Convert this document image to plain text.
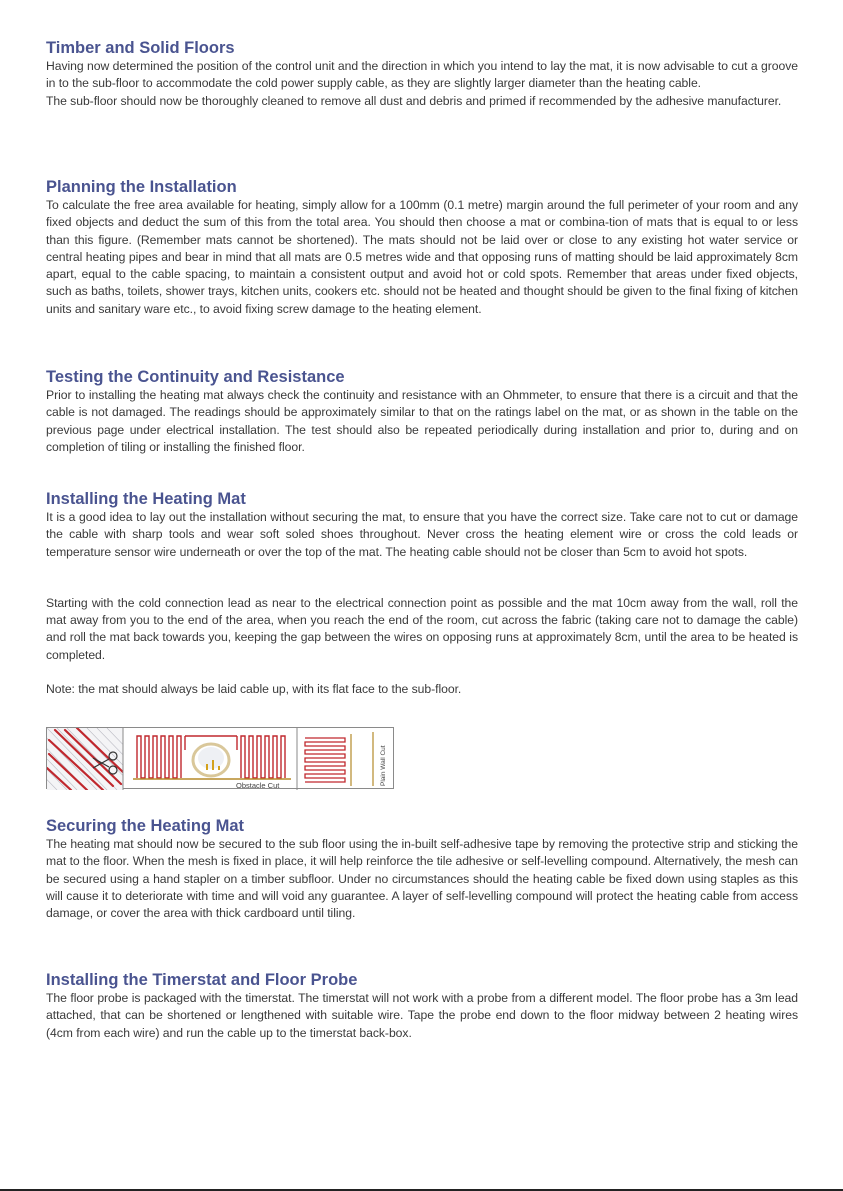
Timber and Solid Floors

Having now determined the position of the control unit and the direction in which you intend to lay the mat, it is now advisable to cut a groove in to the sub-floor to accommodate the cold power supply cable, as they are slightly larger diameter than the heating cable.

The sub-floor should now be thoroughly cleaned to remove all dust and debris and primed if recommended by the adhesive manufacturer.

Planning the Installation

To calculate the free area available for heating, simply allow for a 100mm (0.1 metre) margin around the full perimeter of your room and any fixed objects and deduct the sum of this from the total area. You should then choose a mat or combina-tion of mats that is equal to or less than this figure. (Remember mats cannot be shortened). The mats should not be laid over or close to any existing hot water service or central heating pipes and bear in mind that all mats are 0.5 metres wide and that opposing runs of matting should be laid approximately 8cm apart, equal to the cable spacing, to maintain a consistent output and avoid hot or cold spots. Remember that areas under fixed objects, such as baths, toilets, shower trays, kitchen units, cookers etc. should not be heated and thought should be given to the final fixing of kitchen units and sanitary ware etc., to avoid fixing screw damage to the heating element.

Testing the Continuity and Resistance

Prior to installing the heating mat always check the continuity and resistance with an Ohmmeter, to ensure that there is a circuit and that the cable is not damaged. The readings should be approximately similar to that on the ratings label on the mat, or as shown in the table on the previous page under electrical installation. The test should also be repeated periodically during installation and prior to, during and on completion of tiling or installing the finished floor.

Installing the Heating Mat

It is a good idea to lay out the installation without securing the mat, to ensure that you have the correct size. Take care not to cut or damage the cable with sharp tools and wear soft soled shoes throughout. Never cross the heating element wire or cross the cold leads or temperature sensor wire underneath or over the top of the mat. The heating cable should not be closer than 5cm to avoid hot spots.

Starting with the cold connection lead as near to the electrical connection point as possible and the mat 10cm away from the wall, roll the mat away from you to the end of the area, when you reach the end of the room, cut across the fabric (taking care not to damage the cable) and roll the mat back towards you, keeping the gap between the wires on opposing runs at approximately 8cm, until the area to be heated is completed.

Note: the mat should always be laid cable up, with its flat face to the sub-floor.

Obstacle Cut	Plain Wall Cut
Securing the Heating Mat

The heating mat should now be secured to the sub floor using the in-built self-adhesive tape by removing the protective strip and sticking the mat to the floor. When the mesh is fixed in place, it will help reinforce the tile adhesive or self-levelling compound. Alternatively, the mesh can be secured using a hand stapler on a timber subfloor. Under no circumstances should the heating cable be fixed down using staples as this will cause it to deteriorate with time and will void any guarantee. A layer of self-levelling compound will protect the heating cable from access damage, or cover the area with thick cardboard until tiling.

Installing the Timerstat and Floor Probe

The floor probe is packaged with the timerstat. The timerstat will not work with a probe from a different model. The floor probe has a 3m lead attached, that can be shortened or lengthened with suitable wire. Tape the probe end down to the floor midway between 2 heating wires (4cm from each wire) and run the cable up to the timerstat back-box.
